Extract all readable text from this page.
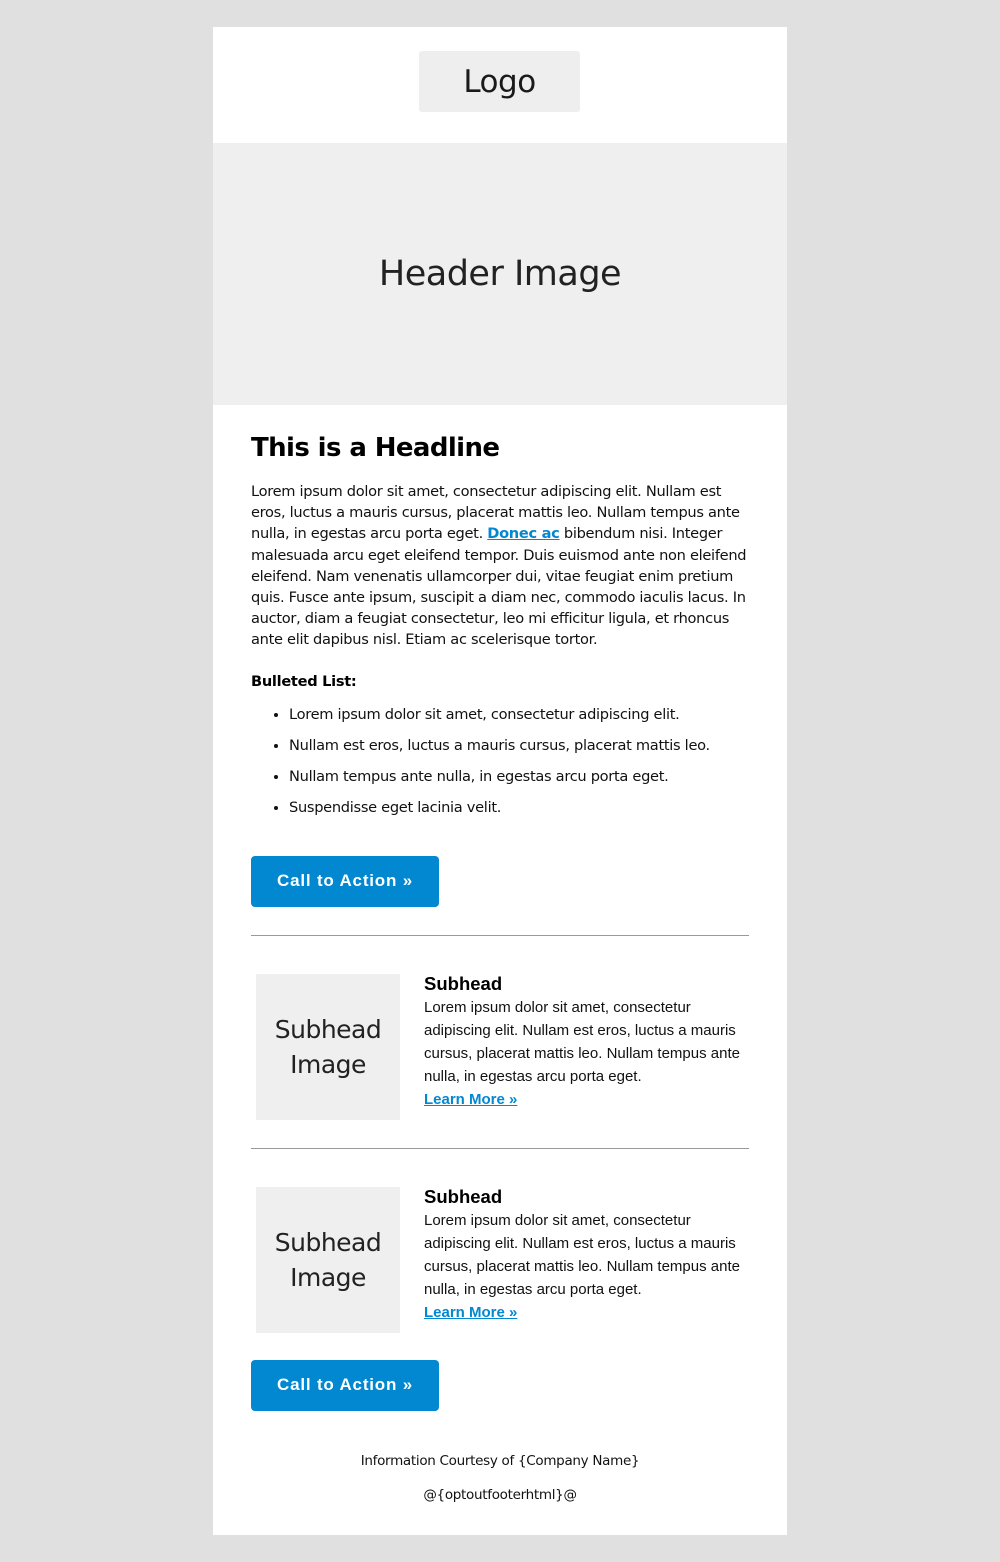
Logo
Header Image
This is a Headline

Lorem ipsum dolor sit amet, consectetur adipiscing elit. Nullam est eros, luctus a mauris cursus, placerat mattis leo. Nullam tempus ante nulla, in egestas arcu porta eget. Donec ac bibendum nisi. Integer malesuada arcu eget eleifend tempor. Duis euismod ante non eleifend eleifend. Nam venenatis ullamcorper dui, vitae feugiat enim pretium quis. Fusce ante ipsum, suscipit a diam nec, commodo iaculis lacus. In auctor, diam a feugiat consectetur, leo mi efficitur ligula, et rhoncus ante elit dapibus nisl. Etiam ac scelerisque tortor.

Bulleted List:
• Lorem ipsum dolor sit amet, consectetur adipiscing elit.
• Nullam est eros, luctus a mauris cursus, placerat mattis leo.
• Nullam tempus ante nulla, in egestas arcu porta eget.
• Suspendisse eget lacinia velit.
Call to Action »
Subhead
Image
Subhead
Lorem ipsum dolor sit amet, consectetur adipiscing elit. Nullam est eros, luctus a mauris cursus, placerat mattis leo. Nullam tempus ante nulla, in egestas arcu porta eget.
Learn More »
Subhead
Image
Subhead
Lorem ipsum dolor sit amet, consectetur adipiscing elit. Nullam est eros, luctus a mauris cursus, placerat mattis leo. Nullam tempus ante nulla, in egestas arcu porta eget.
Learn More »
Call to Action »
Information Courtesy of {Company Name}
@{optoutfooterhtml}@
